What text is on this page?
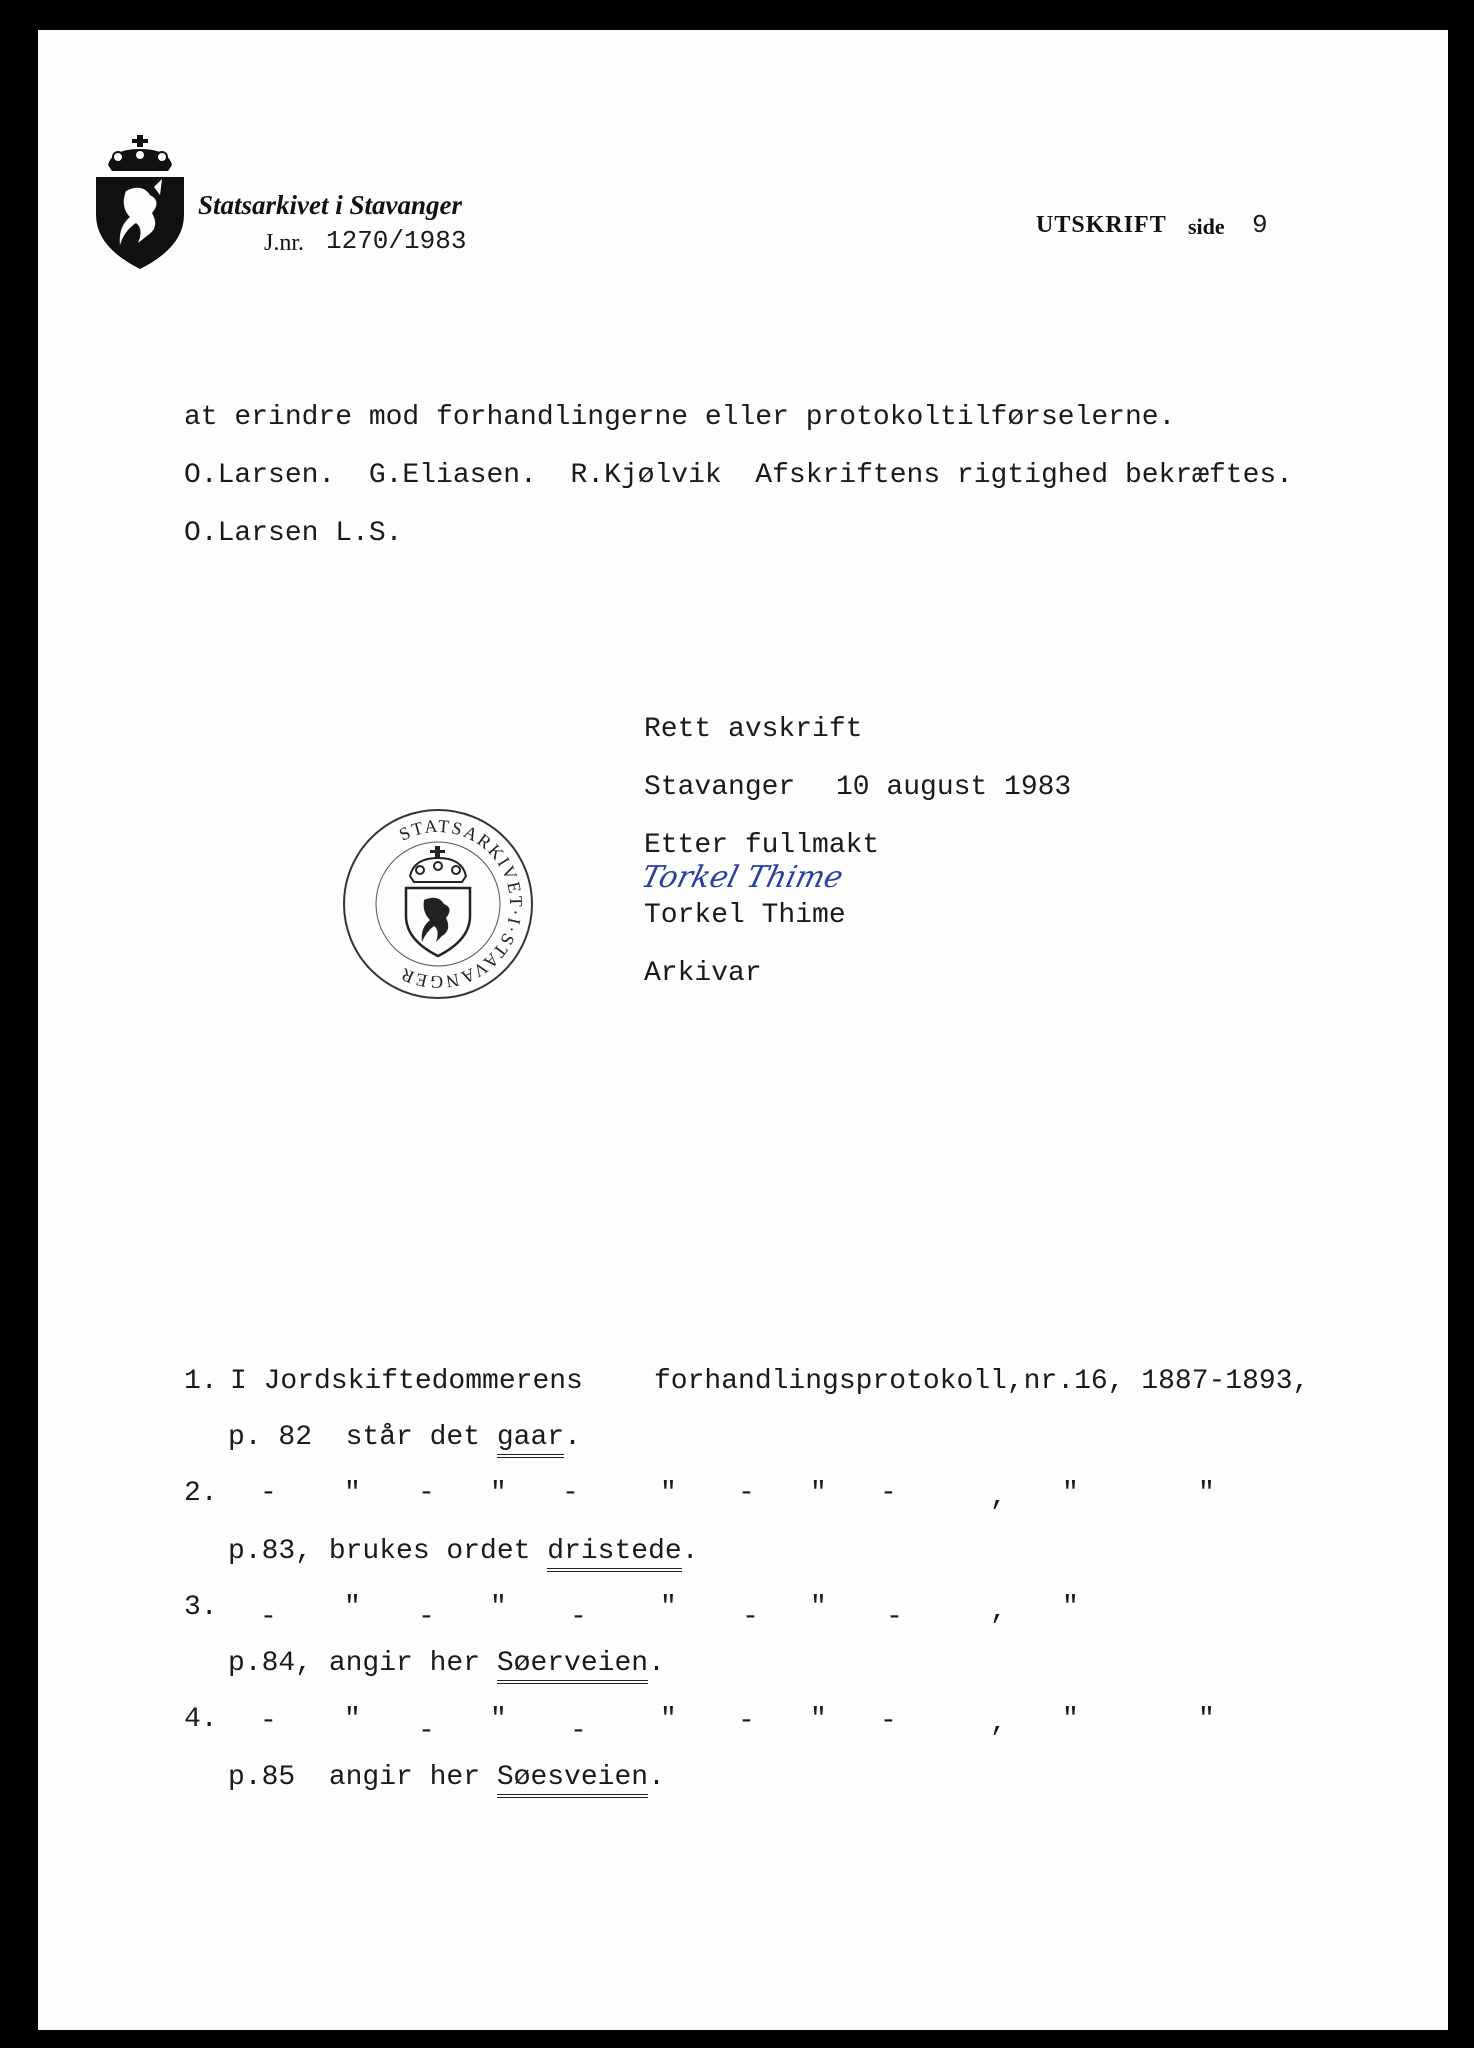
Statsarkivet i Stavanger
J.nr. 1270/1983
UTSKRIFT side 9
at erindre mod forhandlingerne eller protokoltilførselerne.
O.Larsen.  G.Eliasen.  R.Kjølvik  Afskriftens rigtighed bekræftes.
O.Larsen L.S.
Rett avskrift
Stavanger 10 august 1983
Etter fullmakt
Torkel Thime
Torkel Thime
Arkivar
STATSARKIVET·I·STAVANGER
1. I Jordskiftedommerens	forhandlingsprotokoll,nr.16, 1887-1893,
p. 82  står det gaar.
2. - " - " -	" - " -	, "	"
p.83, brukes ordet dristede.
3. - " - " -	" - " -	, "
p.84, angir her Søerveien.
4. - " - " -	" - " -	, "	"
p.85  angir her Søesveien.
